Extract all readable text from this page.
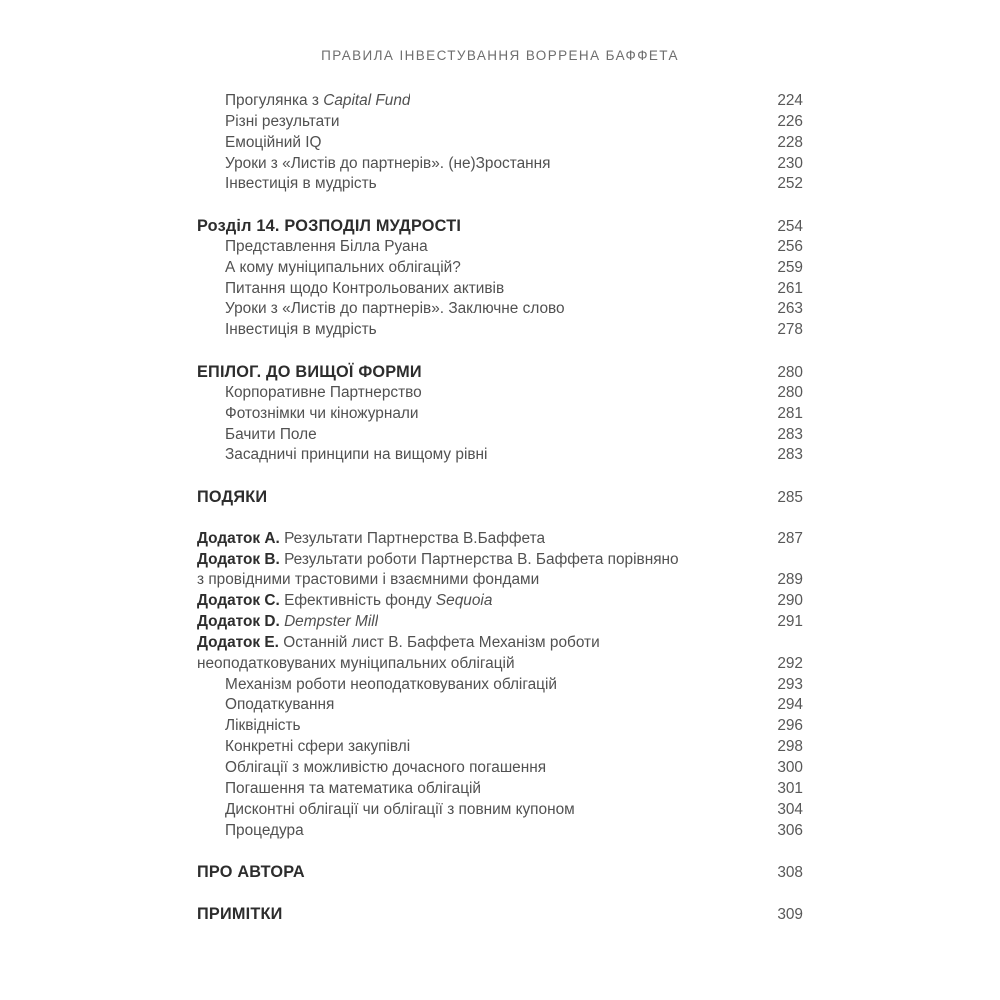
ПРАВИЛА ІНВЕСТУВАННЯ ВОРРЕНА БАФФЕТА
Прогулянка з Capital Fund	224
Різні результати	226
Емоційний IQ	228
Уроки з «Листів до партнерів». (не)Зростання	230
Інвестиція в мудрість	252
Розділ 14. РОЗПОДІЛ МУДРОСТІ	254
Представлення Білла Руана	256
А кому муніципальних облігацій?	259
Питання щодо Контрольованих активів	261
Уроки з «Листів до партнерів». Заключне слово	263
Інвестиція в мудрість	278
ЕПІЛОГ. ДО ВИЩОЇ ФОРМИ	280
Корпоративне Партнерство	280
Фотознімки чи кіножурнали	281
Бачити Поле	283
Засадничі принципи на вищому рівні	283
ПОДЯКИ	285
Додаток A. Результати Партнерства В.Баффета	287
Додаток B. Результати роботи Партнерства В. Баффета порівняно
з провідними трастовими і взаємними фондами	289
Додаток C. Ефективність фонду Sequoia	290
Додаток D. Dempster Mill	291
Додаток E. Останній лист В. Баффета Механізм роботи
неоподатковуваних муніципальних облігацій	292
Механізм роботи неоподатковуваних облігацій	293
Оподаткування	294
Ліквідність	296
Конкретні сфери закупівлі	298
Облігації з можливістю дочасного погашення	300
Погашення та математика облігацій	301
Дисконтні облігації чи облігації з повним купоном	304
Процедура	306
ПРО АВТОРА	308
ПРИМІТКИ	309
